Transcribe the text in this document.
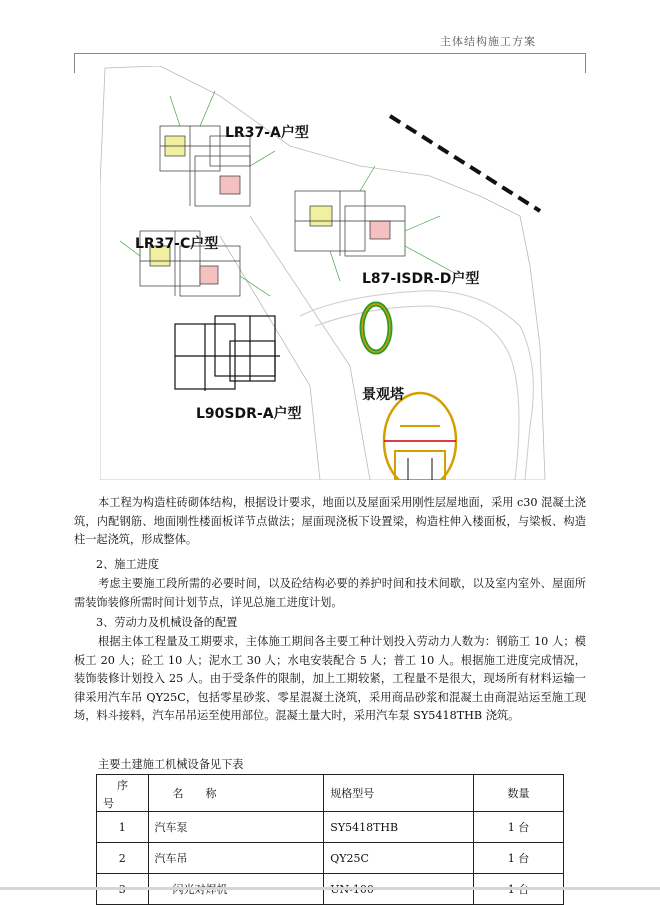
主体结构施工方案
LR37-A户型
LR37-C户型
L87-ISDR-D户型
L90SDR-A户型
景观塔
本工程为构造柱砖砌体结构，根据设计要求，地面以及屋面采用刚性层屋地面，采用 c30 混凝土浇筑，内配钢筋、地面刚性楼面板详节点做法；屋面现浇板下设置梁，构造柱伸入楼面板，与梁板、构造柱一起浇筑，形成整体。
2、施工进度
考虑主要施工段所需的必要时间，以及砼结构必要的养护时间和技术间歇，以及室内室外、屋面所需装饰装修所需时间计划节点，详见总施工进度计划。
3、劳动力及机械设备的配置
根据主体工程量及工期要求，主体施工期间各主要工种计划投入劳动力人数为：钢筋工 10 人；模板工 20 人；砼工 10 人；泥水工 30 人；水电安装配合 5 人；普工 10 人。根据施工进度完成情况，装饰装修计划投入 25 人。由于受条件的限制，加上工期较紧，工程量不是很大，现场所有材料运输一律采用汽车吊 QY25C，包括零星砂浆、零星混凝土浇筑，采用商品砂浆和混凝土由商混站运至施工现场，料斗接料，汽车吊吊运至使用部位。混凝土量大时，采用汽车泵 SY5418THB 浇筑。
主要土建施工机械设备见下表
序
号	名　　称	规格型号	数量
1	汽车泵	SY5418THB	1 台
2	汽车吊	QY25C	1 台
